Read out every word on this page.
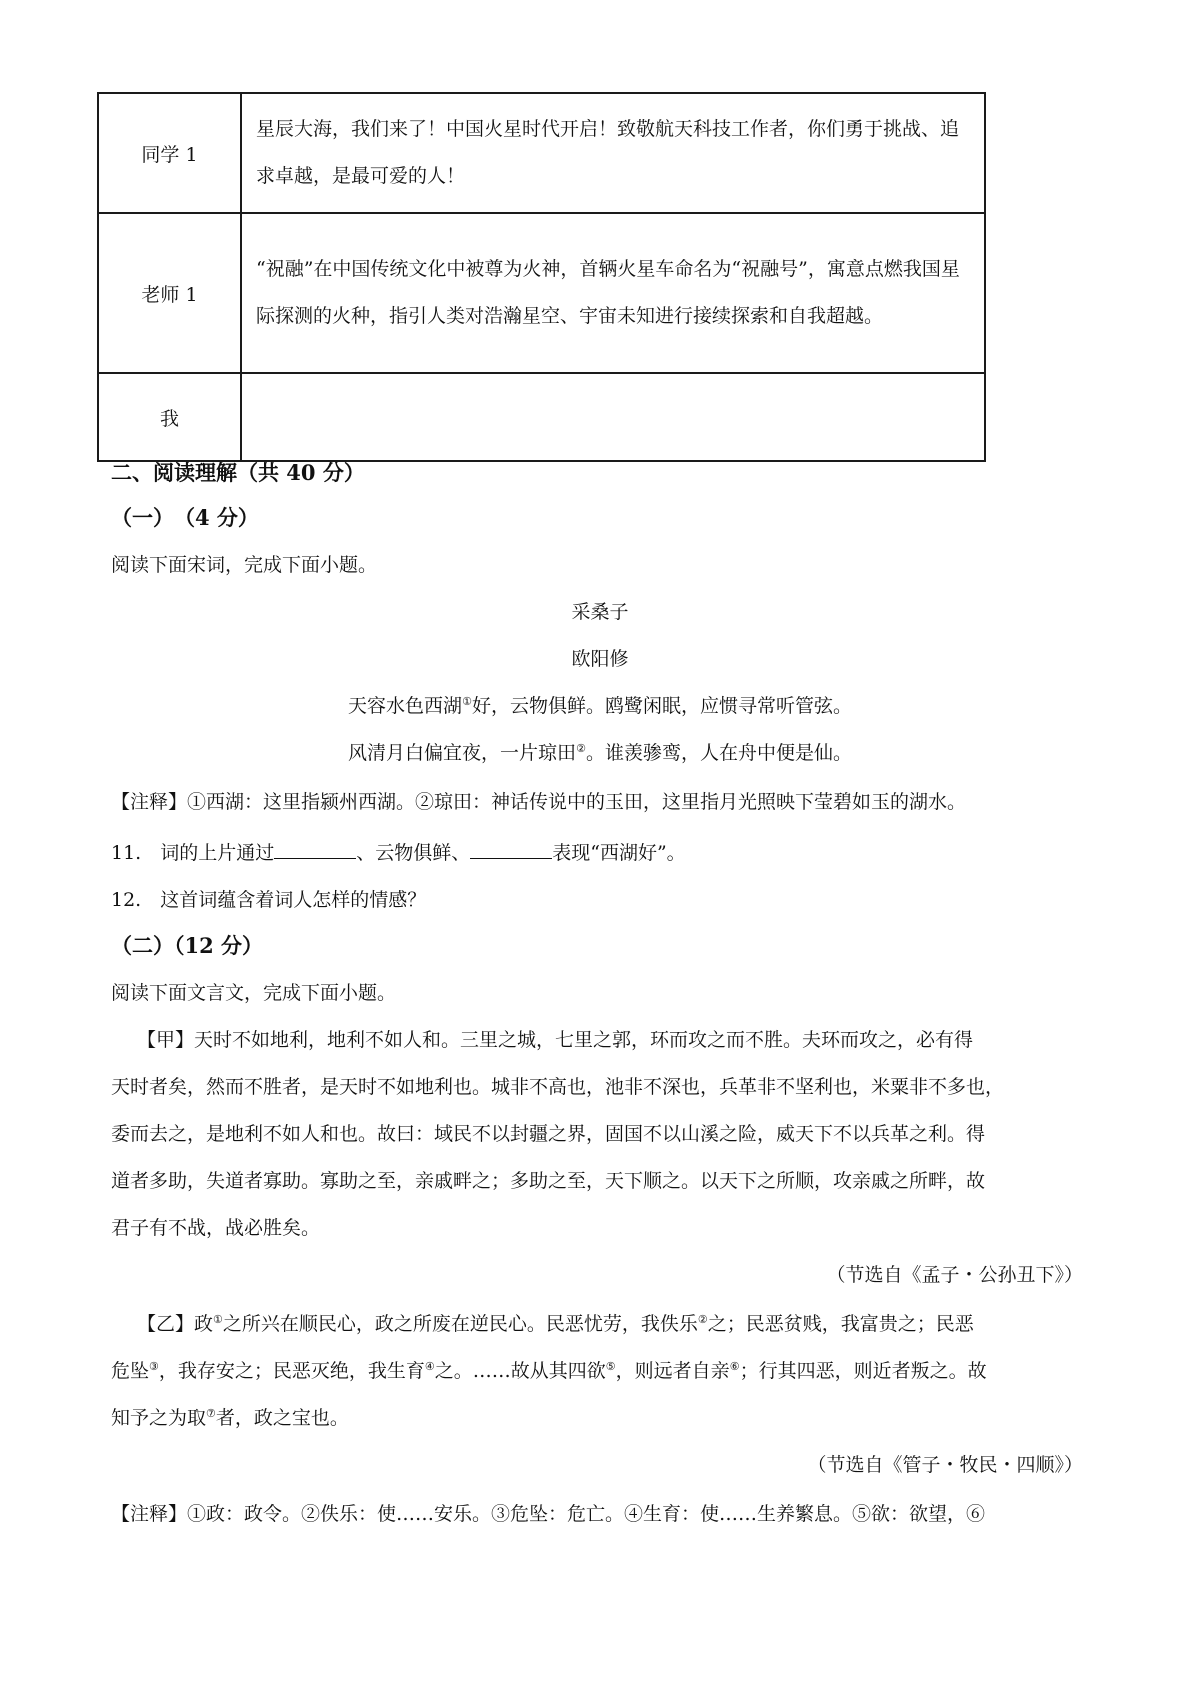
同学 1	星辰大海，我们来了！中国火星时代开启！致敬航天科技工作者，你们勇于挑战、追求卓越，是最可爱的人！
老师 1	“祝融”在中国传统文化中被尊为火神，首辆火星车命名为“祝融号”，寓意点燃我国星际探测的火种，指引人类对浩瀚星空、宇宙未知进行接续探索和自我超越。
我	
二、阅读理解（共 40 分）
（一）　（4 分）
阅读下面宋词，完成下面小题。
采桑子
欧阳修
天容水色西湖①好，云物俱鲜。鸥鹭闲眠，应惯寻常听管弦。
风清月白偏宜夜，一片琼田②。谁羡骖鸾，人在舟中便是仙。
【注释】①西湖：这里指颍州西湖。②琼田：神话传说中的玉田，这里指月光照映下莹碧如玉的湖水。
11.　词的上片通过	、云物俱鲜、	表现“西湖好”。
12.　这首词蕴含着词人怎样的情感？
（二）（12 分）
阅读下面文言文，完成下面小题。
【甲】天时不如地利，地利不如人和。三里之城，七里之郭，环而攻之而不胜。夫环而攻之，必有得
天时者矣，然而不胜者，是天时不如地利也。城非不高也，池非不深也，兵革非不坚利也，米粟非不多也，
委而去之，是地利不如人和也。故曰：域民不以封疆之界，固国不以山溪之险，威天下不以兵革之利。得
道者多助，失道者寡助。寡助之至，亲戚畔之；多助之至，天下顺之。以天下之所顺，攻亲戚之所畔，故
君子有不战，战必胜矣。
（节选自《孟子・公孙丑下》）
【乙】政①之所兴在顺民心，政之所废在逆民心。民恶忧劳，我佚乐②之；民恶贫贱，我富贵之；民恶
危坠③，我存安之；民恶灭绝，我生育④之。……故从其四欲⑤，则远者自亲⑥；行其四恶，则近者叛之。故
知予之为取⑦者，政之宝也。
（节选自《管子・牧民・四顺》）
【注释】①政：政令。②佚乐：使……安乐。③危坠：危亡。④生育：使……生养繁息。⑤欲：欲望，⑥
